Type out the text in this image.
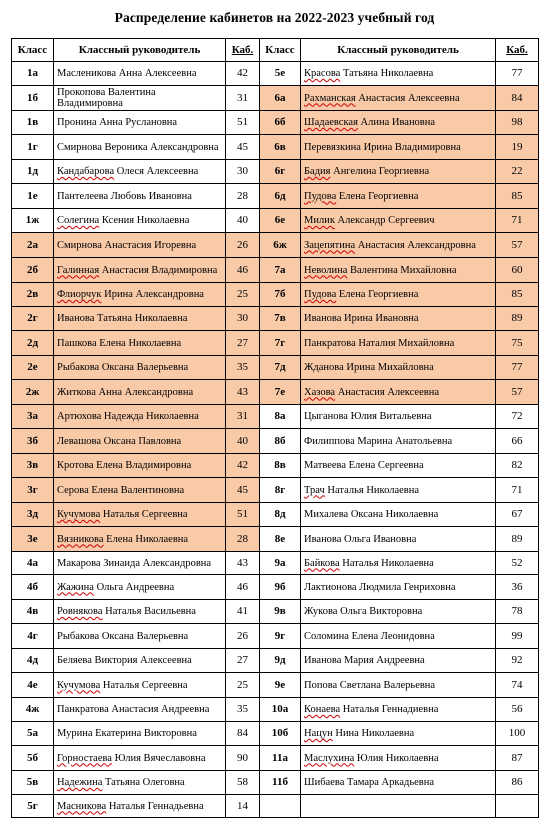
Распределение кабинетов на 2022-2023 учебный год
Класс	Классный руководитель	Каб.	Класс	Классный руководитель	Каб.
1а	Масленикова Анна Алексеевна	42	5е	Красова Татьяна Николаевна	77
1б	Прокопова Валентина Владимировна	31	6а	Рахманская Анастасия Алексеевна	84
1в	Пронина Анна Руслановна	51	6б	Шадаевская Алина Ивановна	98
1г	Смирнова Вероника Александровна	45	6в	Перевязкина Ирина Владимировна	19
1д	Кандабарова Олеся Алексеевна	30	6г	Бадия Ангелина Георгиевна	22
1е	Пантелеева Любовь Ивановна	28	6д	Пудова Елена Георгиевна	85
1ж	Солегина Ксения Николаевна	40	6е	Милик Александр Сергеевич	71
2а	Смирнова Анастасия Игоревна	26	6ж	Зацепятина Анастасия Александровна	57
2б	Галинная Анастасия Владимировна	46	7а	Неволина Валентина Михайловна	60
2в	Флиорчук Ирина Александровна	25	7б	Пудова Елена Георгиевна	85
2г	Иванова Татьяна Николаевна	30	7в	Иванова Ирина Ивановна	89
2д	Пашкова Елена Николаевна	27	7г	Панкратова Наталия Михайловна	75
2е	Рыбакова Оксана Валерьевна	35	7д	Жданова Ирина Михайловна	77
2ж	Житкова Анна Александровна	43	7е	Хазова Анастасия Алексеевна	57
3а	Артюхова Надежда Николаевна	31	8а	Цыганова Юлия Витальевна	72
3б	Левашова Оксана Павловна	40	8б	Филиппова Марина Анатольевна	66
3в	Кротова Елена Владимировна	42	8в	Матвеева Елена Сергеевна	82
3г	Серова Елена Валентиновна	45	8г	Трач Наталья Николаевна	71
3д	Кучумова Наталья Сергеевна	51	8д	Михалева Оксана Николаевна	67
3е	Вязникова Елена Николаевна	28	8е	Иванова Ольга Ивановна	89
4а	Макарова Зинаида Александровна	43	9а	Байкова Наталья Николаевна	52
4б	Жажина Ольга Андреевна	46	9б	Лактионова Людмила Генриховна	36
4в	Ровнякова Наталья Васильевна	41	9в	Жукова Ольга Викторовна	78
4г	Рыбакова Оксана Валерьевна	26	9г	Соломина Елена Леонидовна	99
4д	Беляева Виктория Алексеевна	27	9д	Иванова Мария Андреевна	92
4е	Кучумова Наталья Сергеевна	25	9е	Попова Светлана Валерьевна	74
4ж	Панкратова Анастасия Андреевна	35	10а	Конаева Наталья Геннадиевна	56
5а	Мурина Екатерина Викторовна	84	10б	Нацун Нина Николаевна	100
5б	Горностаева Юлия Вячеславовна	90	11а	Маслухина Юлия Николаевна	87
5в	Надежина Татьяна Олеговна	58	11б	Шибаева Тамара Аркадьевна	86
5г	Масникова Наталья Геннадьевна	14			
